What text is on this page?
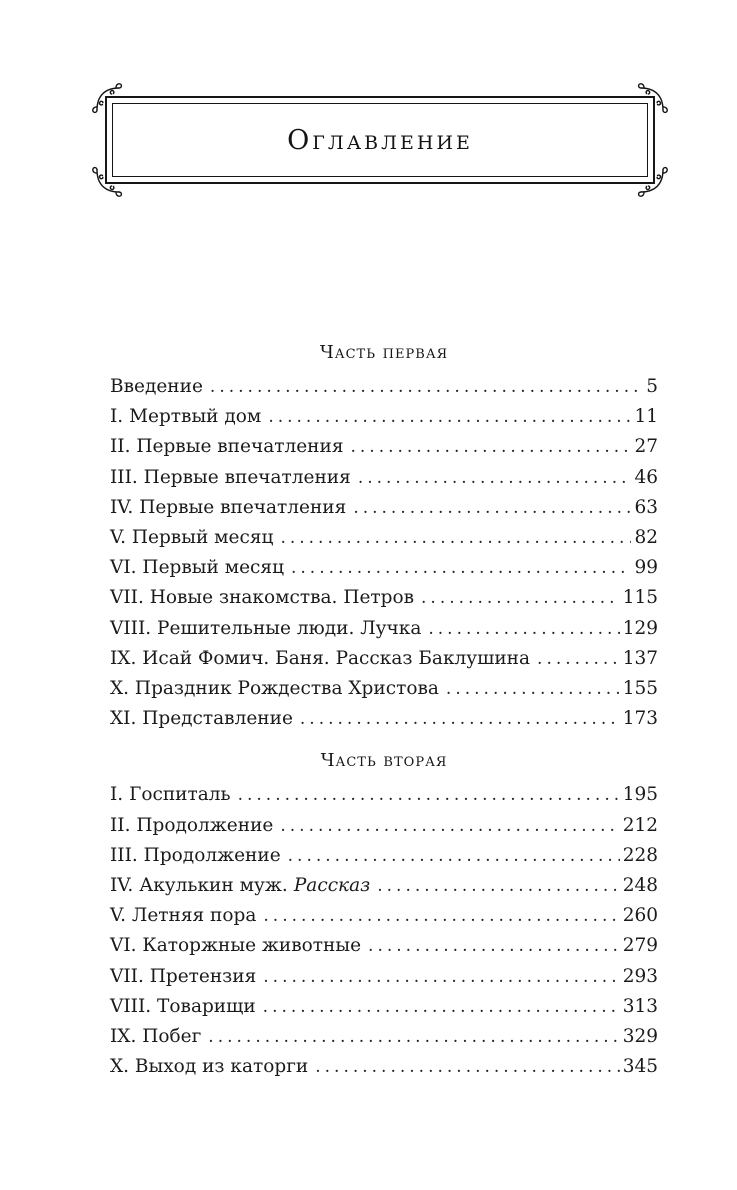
Оглавление
Часть первая
Введение .....	5
I. Мертвый дом .....	11
II. Первые впечатления .....	27
III. Первые впечатления .....	46
IV. Первые впечатления .....	63
V. Первый месяц .....	82
VI. Первый месяц .....	99
VII. Новые знакомства. Петров .....	115
VIII. Решительные люди. Лучка .....	129
IX. Исай Фомич. Баня. Рассказ Баклушина .....	137
X. Праздник Рождества Христова .....	155
XI. Представление .....	173
Часть вторая
I. Госпиталь .....	195
II. Продолжение .....	212
III. Продолжение .....	228
IV. Акулькин муж. Рассказ .....	248
V. Летняя пора .....	260
VI. Каторжные животные .....	279
VII. Претензия .....	293
VIII. Товарищи .....	313
IX. Побег .....	329
X. Выход из каторги .....	345
